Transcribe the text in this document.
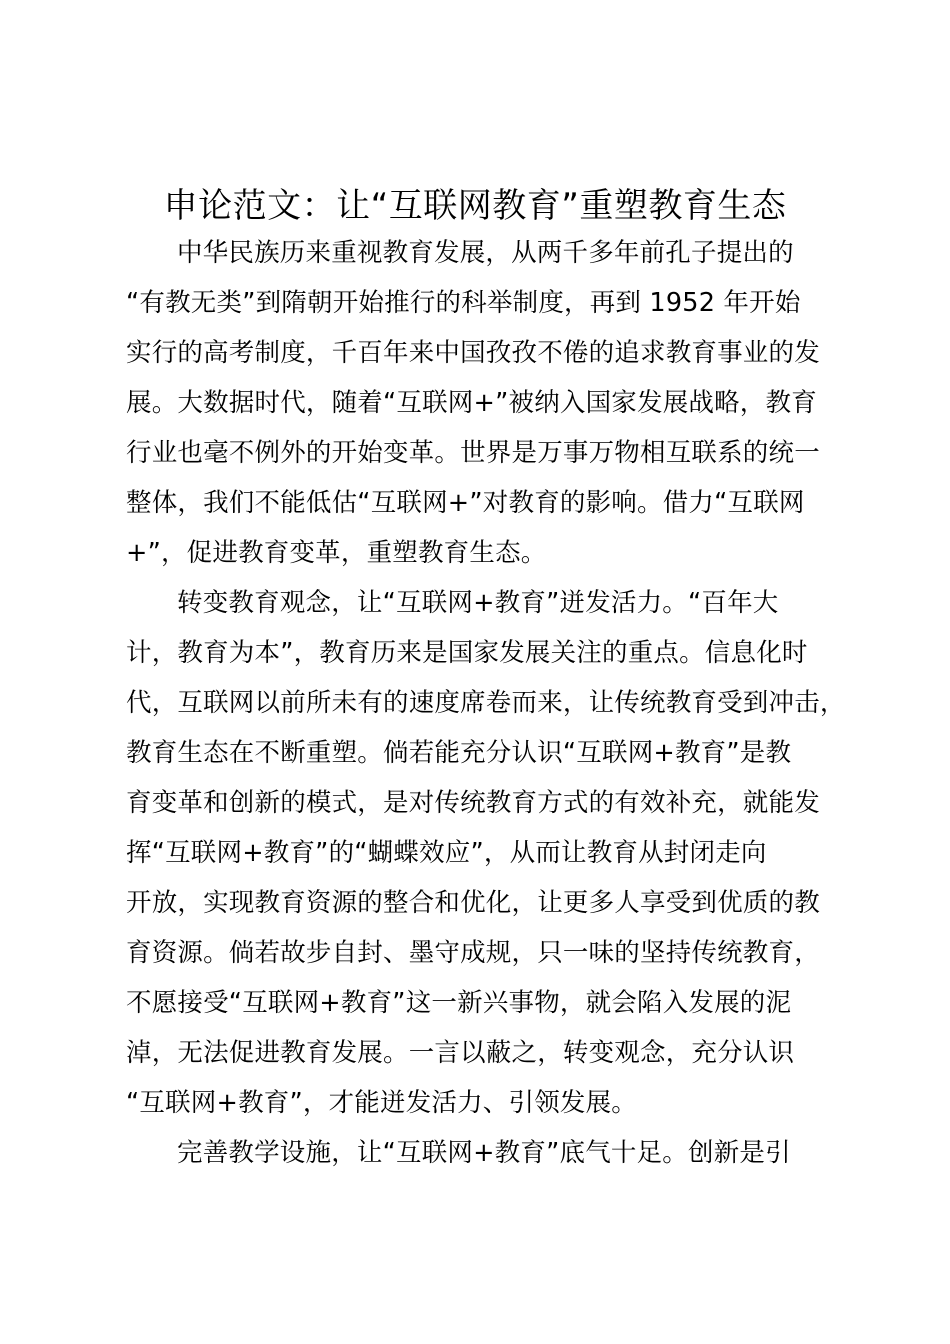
申论范文：让“互联网教育”重塑教育生态
中华民族历来重视教育发展，从两千多年前孔子提出的
“有教无类”到隋朝开始推行的科举制度，再到 1952 年开始
实行的高考制度，千百年来中国孜孜不倦的追求教育事业的发
展。大数据时代，随着“互联网+”被纳入国家发展战略，教育
行业也毫不例外的开始变革。世界是万事万物相互联系的统一
整体，我们不能低估“互联网+”对教育的影响。借力“互联网
+”，促进教育变革，重塑教育生态。
转变教育观念，让“互联网+教育”迸发活力。“百年大
计，教育为本”，教育历来是国家发展关注的重点。信息化时
代，互联网以前所未有的速度席卷而来，让传统教育受到冲击，
教育生态在不断重塑。倘若能充分认识“互联网+教育”是教
育变革和创新的模式，是对传统教育方式的有效补充，就能发
挥“互联网+教育”的“蝴蝶效应”，从而让教育从封闭走向
开放，实现教育资源的整合和优化，让更多人享受到优质的教
育资源。倘若故步自封、墨守成规，只一味的坚持传统教育，
不愿接受“互联网+教育”这一新兴事物，就会陷入发展的泥
淖，无法促进教育发展。一言以蔽之，转变观念，充分认识
“互联网+教育”，才能迸发活力、引领发展。
完善教学设施，让“互联网+教育”底气十足。创新是引
